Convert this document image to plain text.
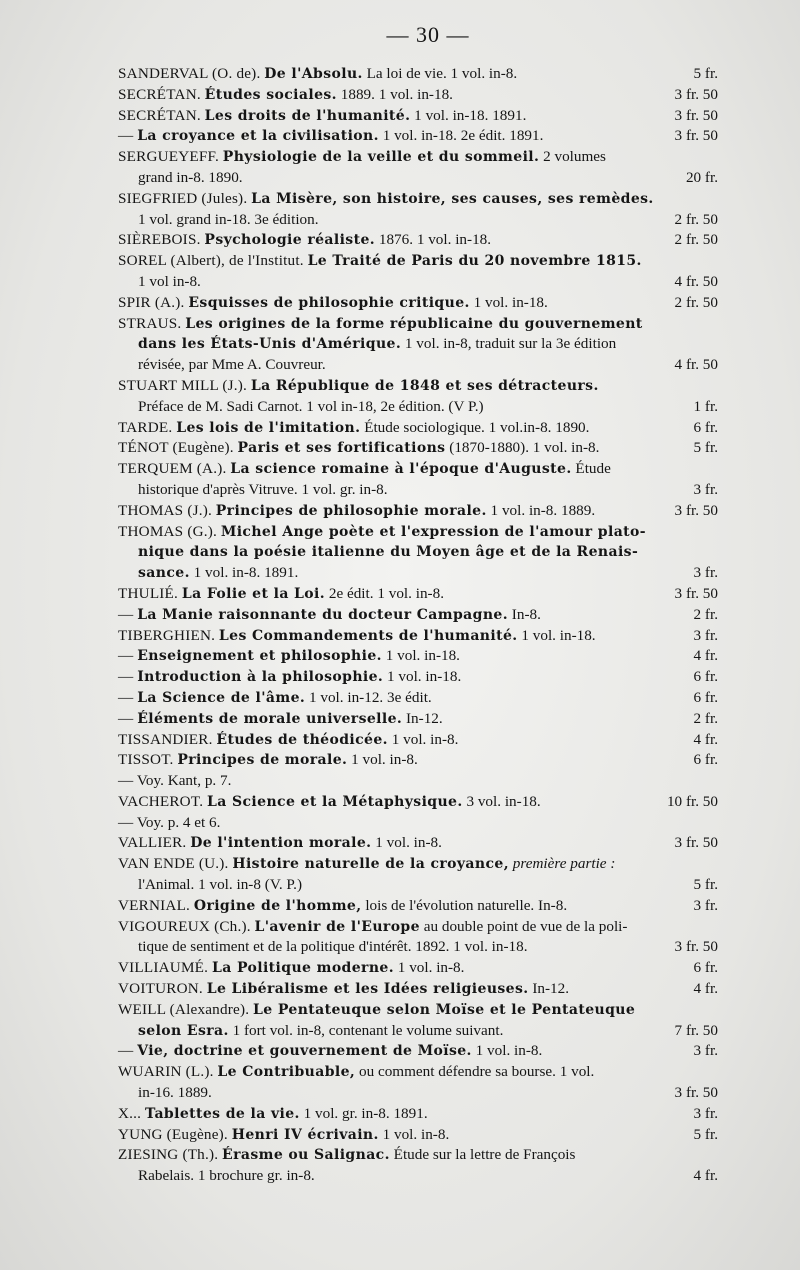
— 30 —
SANDERVAL (O. de). De l'Absolu. La loi de vie. 1 vol. in-8.	5 fr.
SECRÉTAN. Études sociales. 1889. 1 vol. in-18.	3 fr. 50
SECRÉTAN. Les droits de l'humanité. 1 vol. in-18. 1891.	3 fr. 50
— La croyance et la civilisation. 1 vol. in-18. 2e édit. 1891.	3 fr. 50
SERGUEYEFF. Physiologie de la veille et du sommeil. 2 volumes
grand in-8. 1890.	20 fr.
SIEGFRIED (Jules). La Misère, son histoire, ses causes, ses remèdes.
1 vol. grand in-18. 3e édition.	2 fr. 50
SIÈREBOIS. Psychologie réaliste. 1876. 1 vol. in-18.	2 fr. 50
SOREL (Albert), de l'Institut. Le Traité de Paris du 20 novembre 1815.
1 vol in-8.	4 fr. 50
SPIR (A.). Esquisses de philosophie critique. 1 vol. in-18.	2 fr. 50
STRAUS. Les origines de la forme républicaine du gouvernement
dans les États-Unis d'Amérique. 1 vol. in-8, traduit sur la 3e édition
révisée, par Mme A. Couvreur.	4 fr. 50
STUART MILL (J.). La République de 1848 et ses détracteurs.
Préface de M. Sadi Carnot. 1 vol in-18, 2e édition. (V P.)	1 fr.
TARDE. Les lois de l'imitation. Étude sociologique. 1 vol.in-8. 1890.	6 fr.
TÉNOT (Eugène). Paris et ses fortifications (1870-1880). 1 vol. in-8.	5 fr.
TERQUEM (A.). La science romaine à l'époque d'Auguste. Étude
historique d'après Vitruve. 1 vol. gr. in-8.	3 fr.
THOMAS (J.). Principes de philosophie morale. 1 vol. in-8. 1889.	3 fr. 50
THOMAS (G.). Michel Ange poète et l'expression de l'amour plato-
nique dans la poésie italienne du Moyen âge et de la Renais-
sance. 1 vol. in-8. 1891.	3 fr.
THULIÉ. La Folie et la Loi. 2e édit. 1 vol. in-8.	3 fr. 50
— La Manie raisonnante du docteur Campagne. In-8.	2 fr.
TIBERGHIEN. Les Commandements de l'humanité. 1 vol. in-18.	3 fr.
— Enseignement et philosophie. 1 vol. in-18.	4 fr.
— Introduction à la philosophie. 1 vol. in-18.	6 fr.
— La Science de l'âme. 1 vol. in-12. 3e édit.	6 fr.
— Éléments de morale universelle. In-12.	2 fr.
TISSANDIER. Études de théodicée. 1 vol. in-8.	4 fr.
TISSOT. Principes de morale. 1 vol. in-8.	6 fr.
— Voy. Kant, p. 7.
VACHEROT. La Science et la Métaphysique. 3 vol. in-18.	10 fr. 50
— Voy. p. 4 et 6.
VALLIER. De l'intention morale. 1 vol. in-8.	3 fr. 50
VAN ENDE (U.). Histoire naturelle de la croyance, première partie :
l'Animal. 1 vol. in-8 (V. P.)	5 fr.
VERNIAL. Origine de l'homme, lois de l'évolution naturelle. In-8.	3 fr.
VIGOUREUX (Ch.). L'avenir de l'Europe au double point de vue de la poli-
tique de sentiment et de la politique d'intérêt. 1892. 1 vol. in-18.	3 fr. 50
VILLIAUMÉ. La Politique moderne. 1 vol. in-8.	6 fr.
VOITURON. Le Libéralisme et les Idées religieuses. In-12.	4 fr.
WEILL (Alexandre). Le Pentateuque selon Moïse et le Pentateuque
selon Esra. 1 fort vol. in-8, contenant le volume suivant.	7 fr. 50
— Vie, doctrine et gouvernement de Moïse. 1 vol. in-8.	3 fr.
WUARIN (L.). Le Contribuable, ou comment défendre sa bourse. 1 vol.
in-16. 1889.	3 fr. 50
X... Tablettes de la vie. 1 vol. gr. in-8. 1891.	3 fr.
YUNG (Eugène). Henri IV écrivain. 1 vol. in-8.	5 fr.
ZIESING (Th.). Érasme ou Salignac. Étude sur la lettre de François
Rabelais. 1 brochure gr. in-8.	4 fr.
